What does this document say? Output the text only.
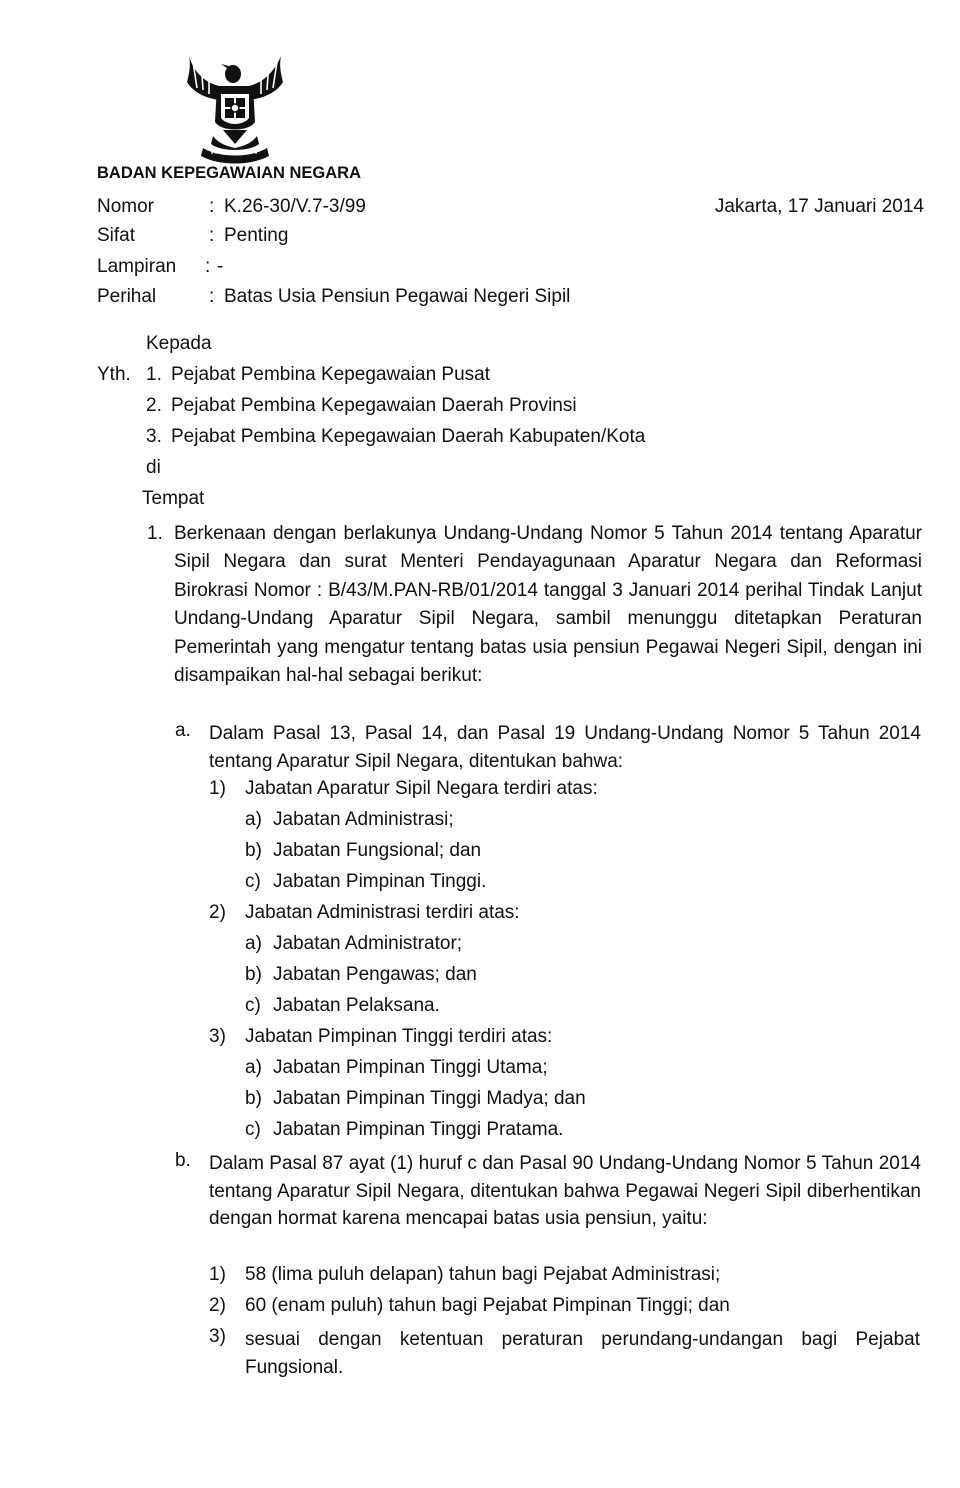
BADAN KEPEGAWAIAN NEGARA
Nomor	: K.26-30/V.7-3/99
Sifat	: Penting
Lampiran : -
Perihal	: Batas Usia Pensiun Pegawai Negeri Sipil
Jakarta, 17 Januari 2014
Kepada
Yth. 1. Pejabat Pembina Kepegawaian Pusat
2. Pejabat Pembina Kepegawaian Daerah Provinsi
3. Pejabat Pembina Kepegawaian Daerah Kabupaten/Kota
di
Tempat
1. Berkenaan dengan berlakunya Undang-Undang Nomor 5 Tahun 2014 tentang Aparatur Sipil Negara dan surat Menteri Pendayagunaan Aparatur Negara dan Reformasi Birokrasi Nomor : B/43/M.PAN-RB/01/2014 tanggal 3 Januari 2014 perihal Tindak Lanjut Undang-Undang Aparatur Sipil Negara, sambil menunggu ditetapkan Peraturan Pemerintah yang mengatur tentang batas usia pensiun Pegawai Negeri Sipil, dengan ini disampaikan hal-hal sebagai berikut:
a. Dalam Pasal 13, Pasal 14, dan Pasal 19 Undang-Undang Nomor 5 Tahun 2014 tentang Aparatur Sipil Negara, ditentukan bahwa:
1) Jabatan Aparatur Sipil Negara terdiri atas:
a) Jabatan Administrasi;
b) Jabatan Fungsional; dan
c) Jabatan Pimpinan Tinggi.
2) Jabatan Administrasi terdiri atas:
a) Jabatan Administrator;
b) Jabatan Pengawas; dan
c) Jabatan Pelaksana.
3) Jabatan Pimpinan Tinggi terdiri atas:
a) Jabatan Pimpinan Tinggi Utama;
b) Jabatan Pimpinan Tinggi Madya; dan
c) Jabatan Pimpinan Tinggi Pratama.
b. Dalam Pasal 87 ayat (1) huruf c dan Pasal 90 Undang-Undang Nomor 5 Tahun 2014 tentang Aparatur Sipil Negara, ditentukan bahwa Pegawai Negeri Sipil diberhentikan dengan hormat karena mencapai batas usia pensiun, yaitu:
1) 58 (lima puluh delapan) tahun bagi Pejabat Administrasi;
2) 60 (enam puluh) tahun bagi Pejabat Pimpinan Tinggi; dan
3) sesuai dengan ketentuan peraturan perundang-undangan bagi Pejabat Fungsional.
